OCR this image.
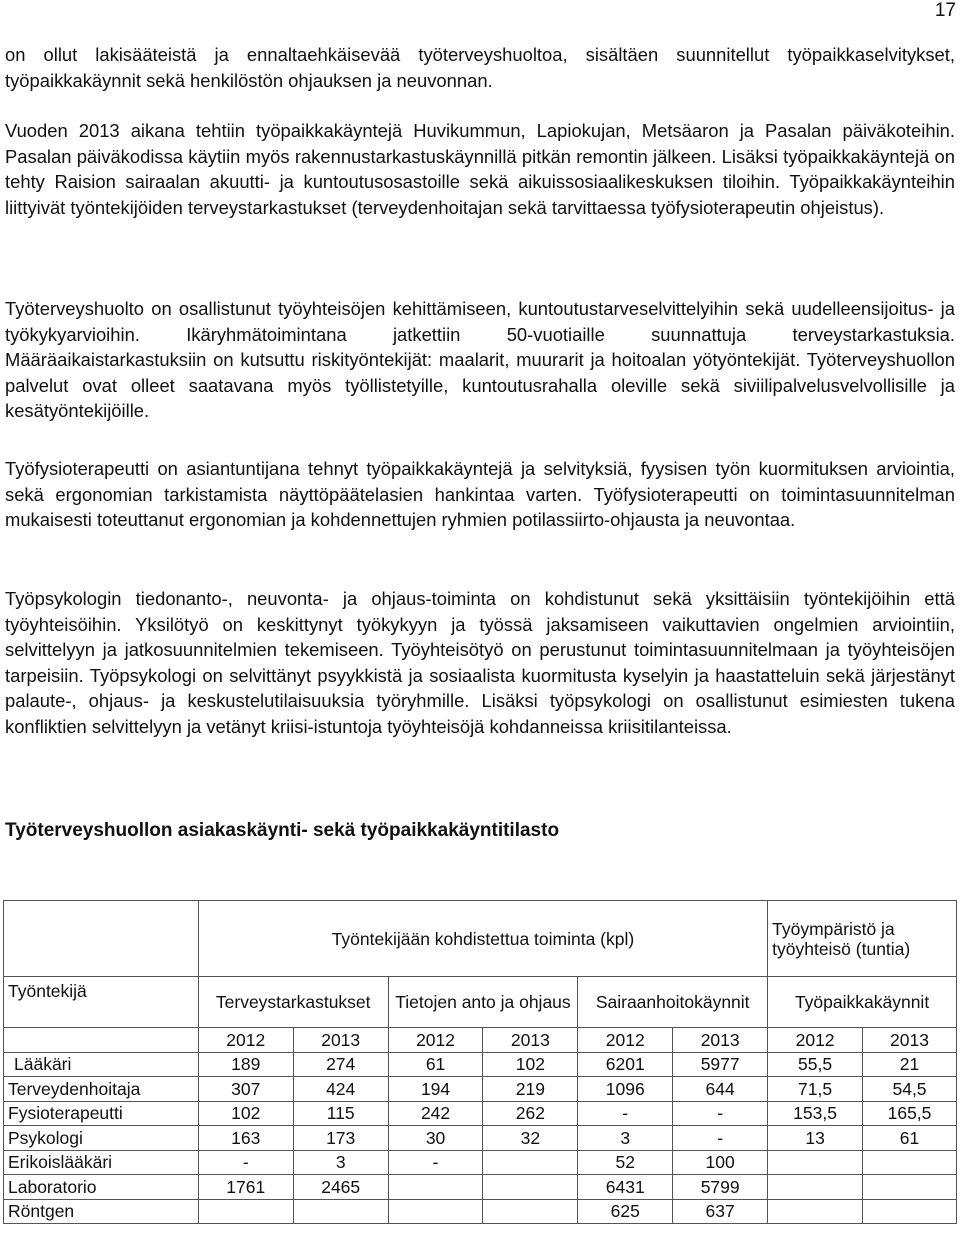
17

on ollut lakisääteistä ja ennaltaehkäisevää työterveyshuoltoa, sisältäen suunnitellut työpaikkaselvitykset, työpaikkakäynnit sekä henkilöstön ohjauksen ja neuvonnan.

Vuoden 2013 aikana tehtiin työpaikkakäyntejä Huvikummun, Lapiokujan, Metsäaron ja Pasalan päiväkoteihin. Pasalan päiväkodissa käytiin myös rakennustarkastuskäynnillä pitkän remontin jälkeen. Lisäksi työpaikkakäyntejä on tehty Raision sairaalan akuutti- ja kuntoutusosastoille sekä aikuissosiaalikeskuksen tiloihin. Työpaikkakäynteihin liittyivät työntekijöiden terveystarkastukset (terveydenhoitajan sekä tarvittaessa työfysioterapeutin ohjeistus).

Työterveyshuolto on osallistunut työyhteisöjen kehittämiseen, kuntoutustarveselvittelyihin sekä uudelleensijoitus- ja työkykyarvioihin. Ikäryhmätoimintana jatkettiin 50-vuotiaille suunnattuja terveystarkastuksia. Määräaikaistarkastuksiin on kutsuttu riskityöntekijät: maalarit, muurarit ja hoitoalan yötyöntekijät. Työterveyshuollon palvelut ovat olleet saatavana myös työllistetyille, kuntoutusrahalla oleville sekä siviilipalvelusvelvollisille ja kesätyöntekijöille.

Työfysioterapeutti on asiantuntijana tehnyt työpaikkakäyntejä ja selvityksiä, fyysisen työn kuormituksen arviointia, sekä ergonomian tarkistamista näyttöpäätelasien hankintaa varten. Työfysioterapeutti on toimintasuunnitelman mukaisesti toteuttanut ergonomian ja kohdennettujen ryhmien potilassiirto-ohjausta ja neuvontaa.

Työpsykologin tiedonanto-, neuvonta- ja ohjaus-toiminta on kohdistunut sekä yksittäisiin työntekijöihin että työyhteisöihin. Yksilötyö on keskittynyt työkykyyn ja työssä jaksamiseen vaikuttavien ongelmien arviointiin, selvittelyyn ja jatkosuunnitelmien tekemiseen. Työyhteisötyö on perustunut toimintasuunnitelmaan ja työyhteisöjen tarpeisiin. Työpsykologi on selvittänyt psyykkistä ja sosiaalista kuormitusta kyselyin ja haastatteluin sekä järjestänyt palaute-, ohjaus- ja keskustelutilaisuuksia työryhmille. Lisäksi työpsykologi on osallistunut esimiesten tukena konfliktien selvittelyyn ja vetänyt kriisi-istuntoja työyhteisöjä kohdanneissa kriisitilanteissa.

Työterveyshuollon asiakaskäynti- sekä työpaikkakäyntitilasto
	Työntekijään kohdistettua toiminta (kpl)						Työympäristö ja työyhteisö (tuntia)	
Työntekijä	Terveystarkastukset		Tietojen anto ja ohjaus		Sairaanhoitokäynnit		Työpaikkakäynnit	
	2012	2013	2012	2013	2012	2013	2012	2013
Lääkäri	189	274	61	102	6201	5977	55,5	21
Terveydenhoitaja	307	424	194	219	1096	644	71,5	54,5
Fysioterapeutti	102	115	242	262	-	-	153,5	165,5
Psykologi	163	173	30	32	3	-	13	61
Erikoislääkäri	-	3	-		52	100		
Laboratorio	1761	2465			6431	5799		
Röntgen					625	637		
